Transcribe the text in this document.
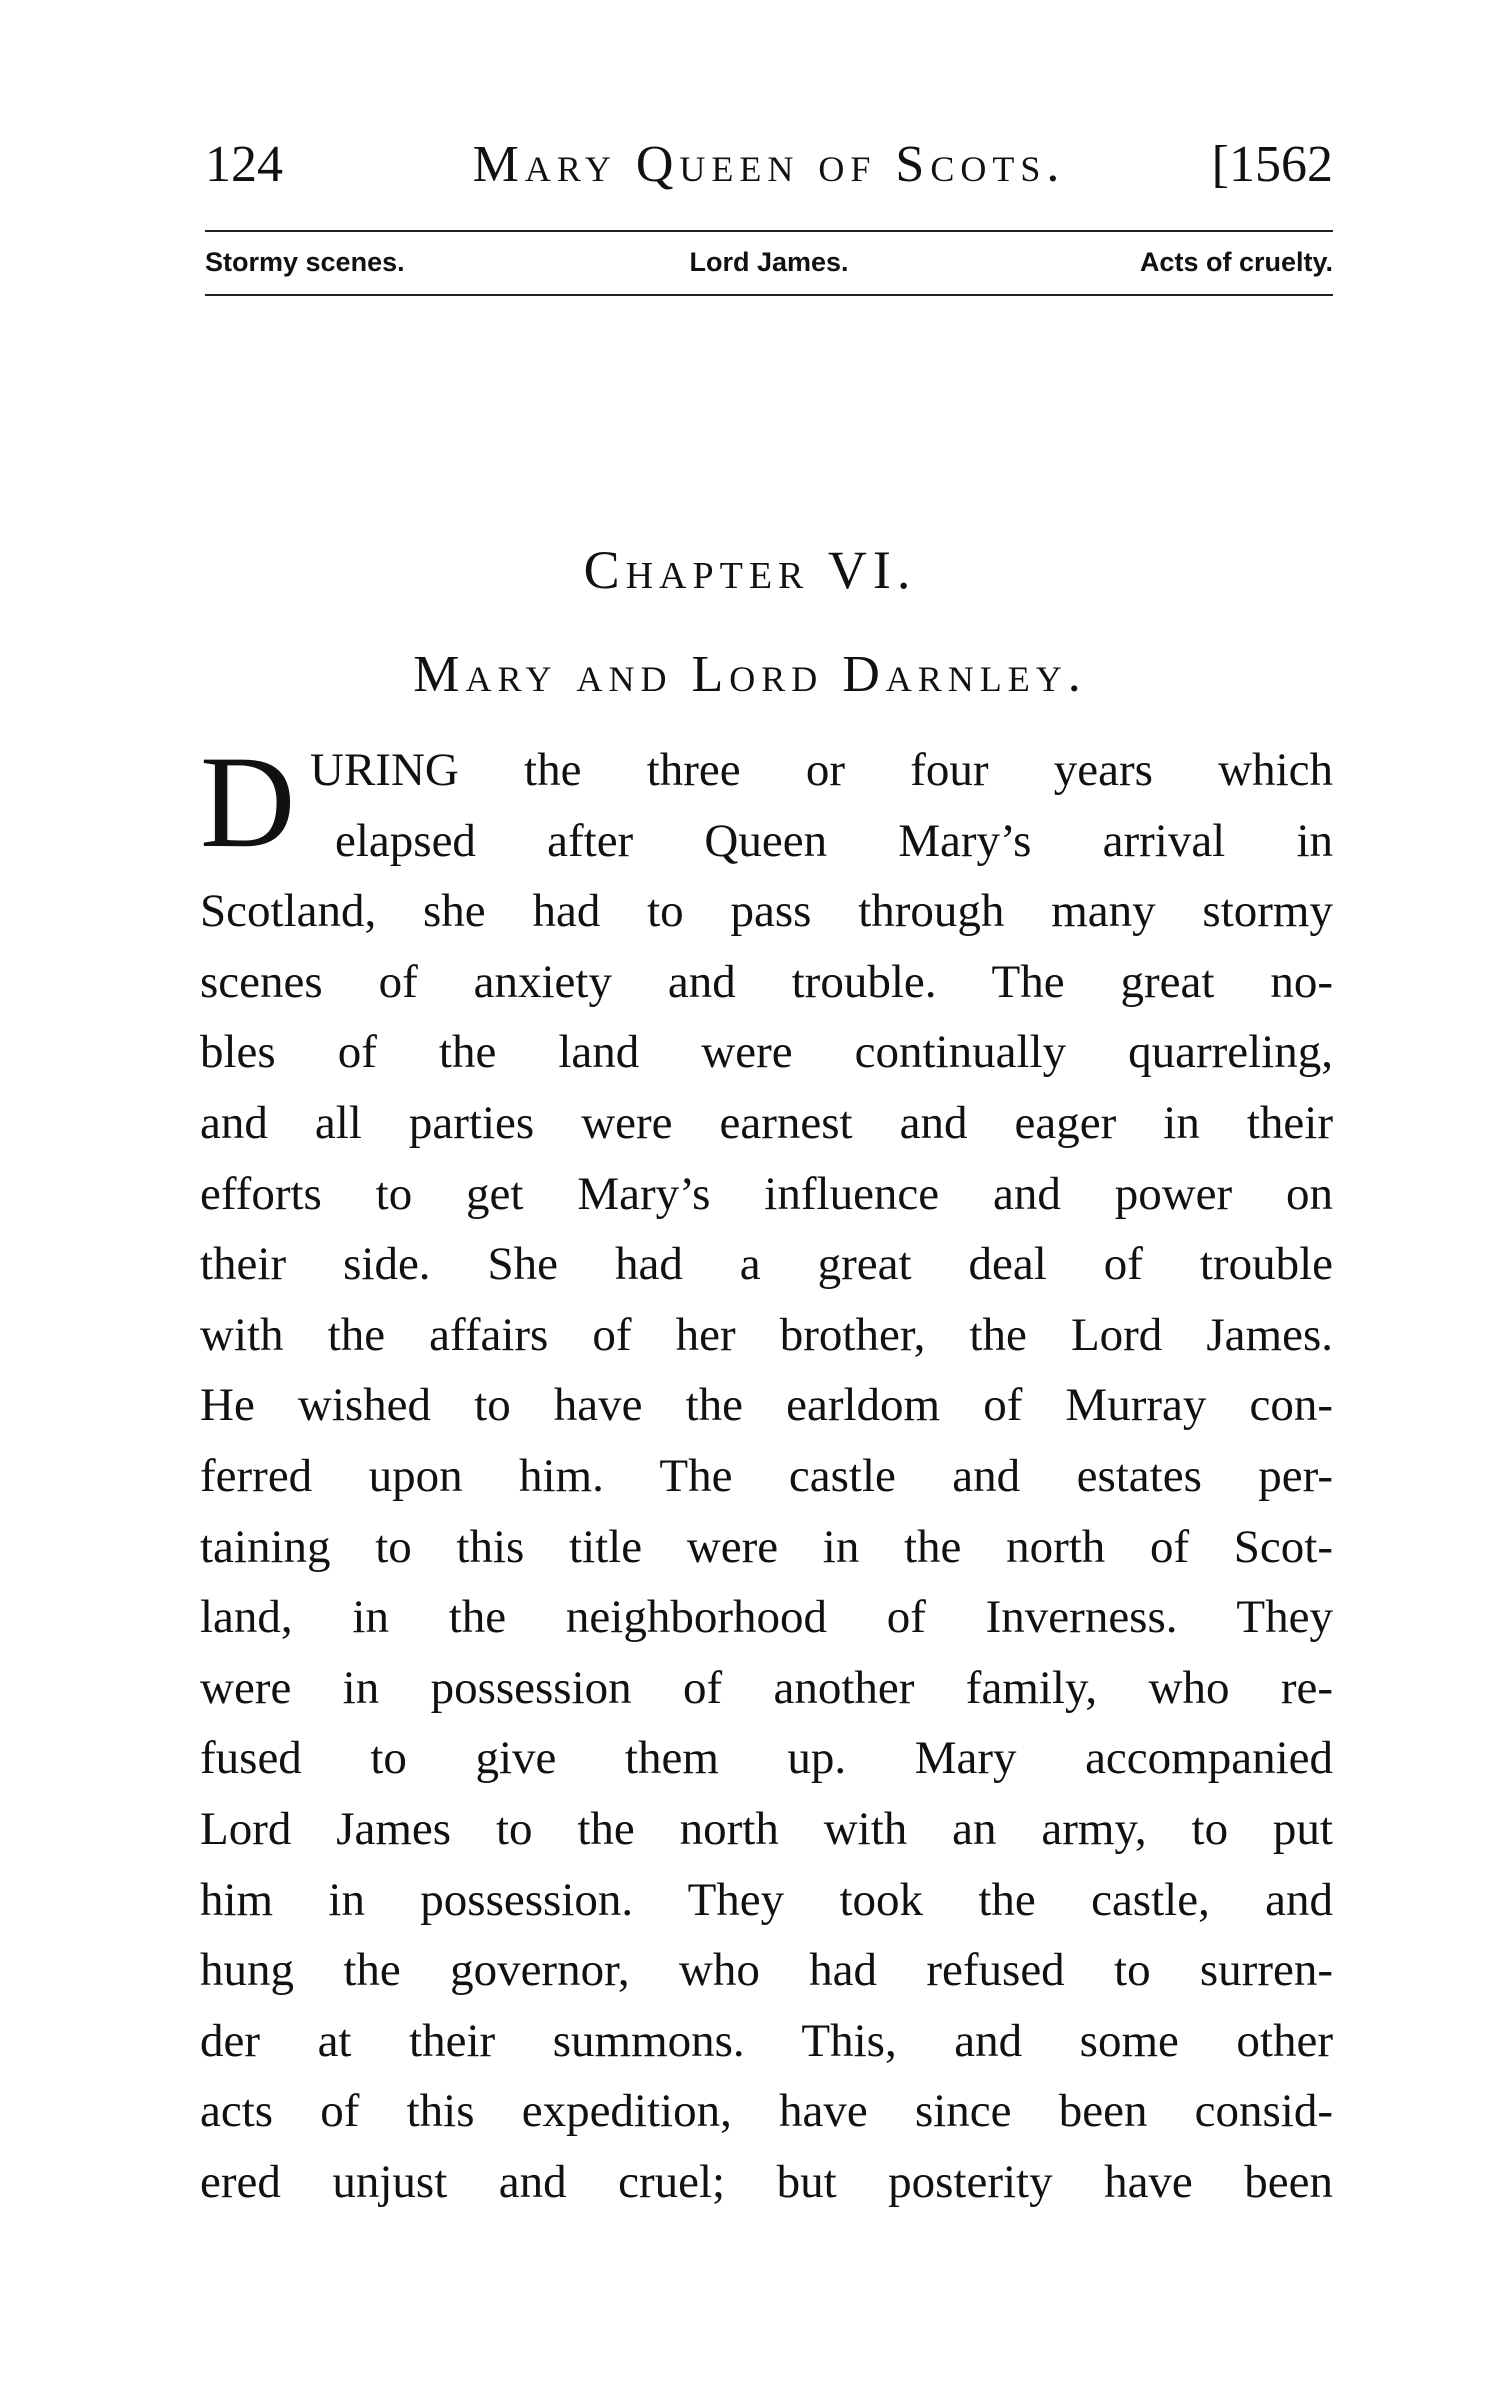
124	Mary Queen of Scots.	[1562
Stormy scenes.	Lord James.	Acts of cruelty.
Chapter VI.
Mary and Lord Darnley.
D URING the three or four years which
elapsed after Queen Mary’s arrival in
Scotland, she had to pass through many stormy
scenes of anxiety and trouble. The great no-
bles of the land were continually quarreling,
and all parties were earnest and eager in their
efforts to get Mary’s influence and power on
their side. She had a great deal of trouble
with the affairs of her brother, the Lord James.
He wished to have the earldom of Murray con-
ferred upon him. The castle and estates per-
taining to this title were in the north of Scot-
land, in the neighborhood of Inverness. They
were in possession of another family, who re-
fused to give them up. Mary accompanied
Lord James to the north with an army, to put
him in possession. They took the castle, and
hung the governor, who had refused to surren-
der at their summons. This, and some other
acts of this expedition, have since been consid-
ered unjust and cruel; but posterity have been
